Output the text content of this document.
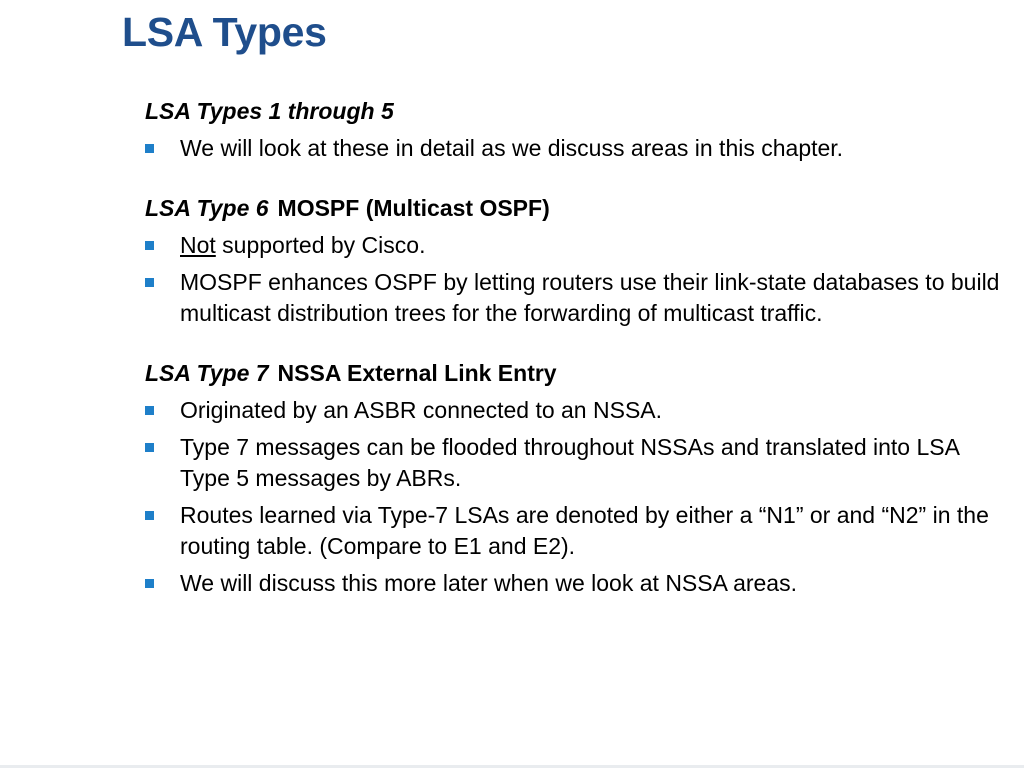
LSA Types

LSA Types 1 through 5

We will look at these in detail as we discuss areas in this chapter.

LSA Type 6 MOSPF (Multicast OSPF)

Not supported by Cisco.
MOSPF enhances OSPF by letting routers use their link-state databases to build multicast distribution trees for the forwarding of multicast traffic.

LSA Type 7 NSSA External Link Entry

Originated by an ASBR connected to an NSSA.
Type 7 messages can be flooded throughout NSSAs and translated into LSA Type 5 messages by ABRs.
Routes learned via Type-7 LSAs are denoted by either a “N1” or and “N2” in the routing table. (Compare to E1 and E2).
We will discuss this more later when we look at NSSA areas.
